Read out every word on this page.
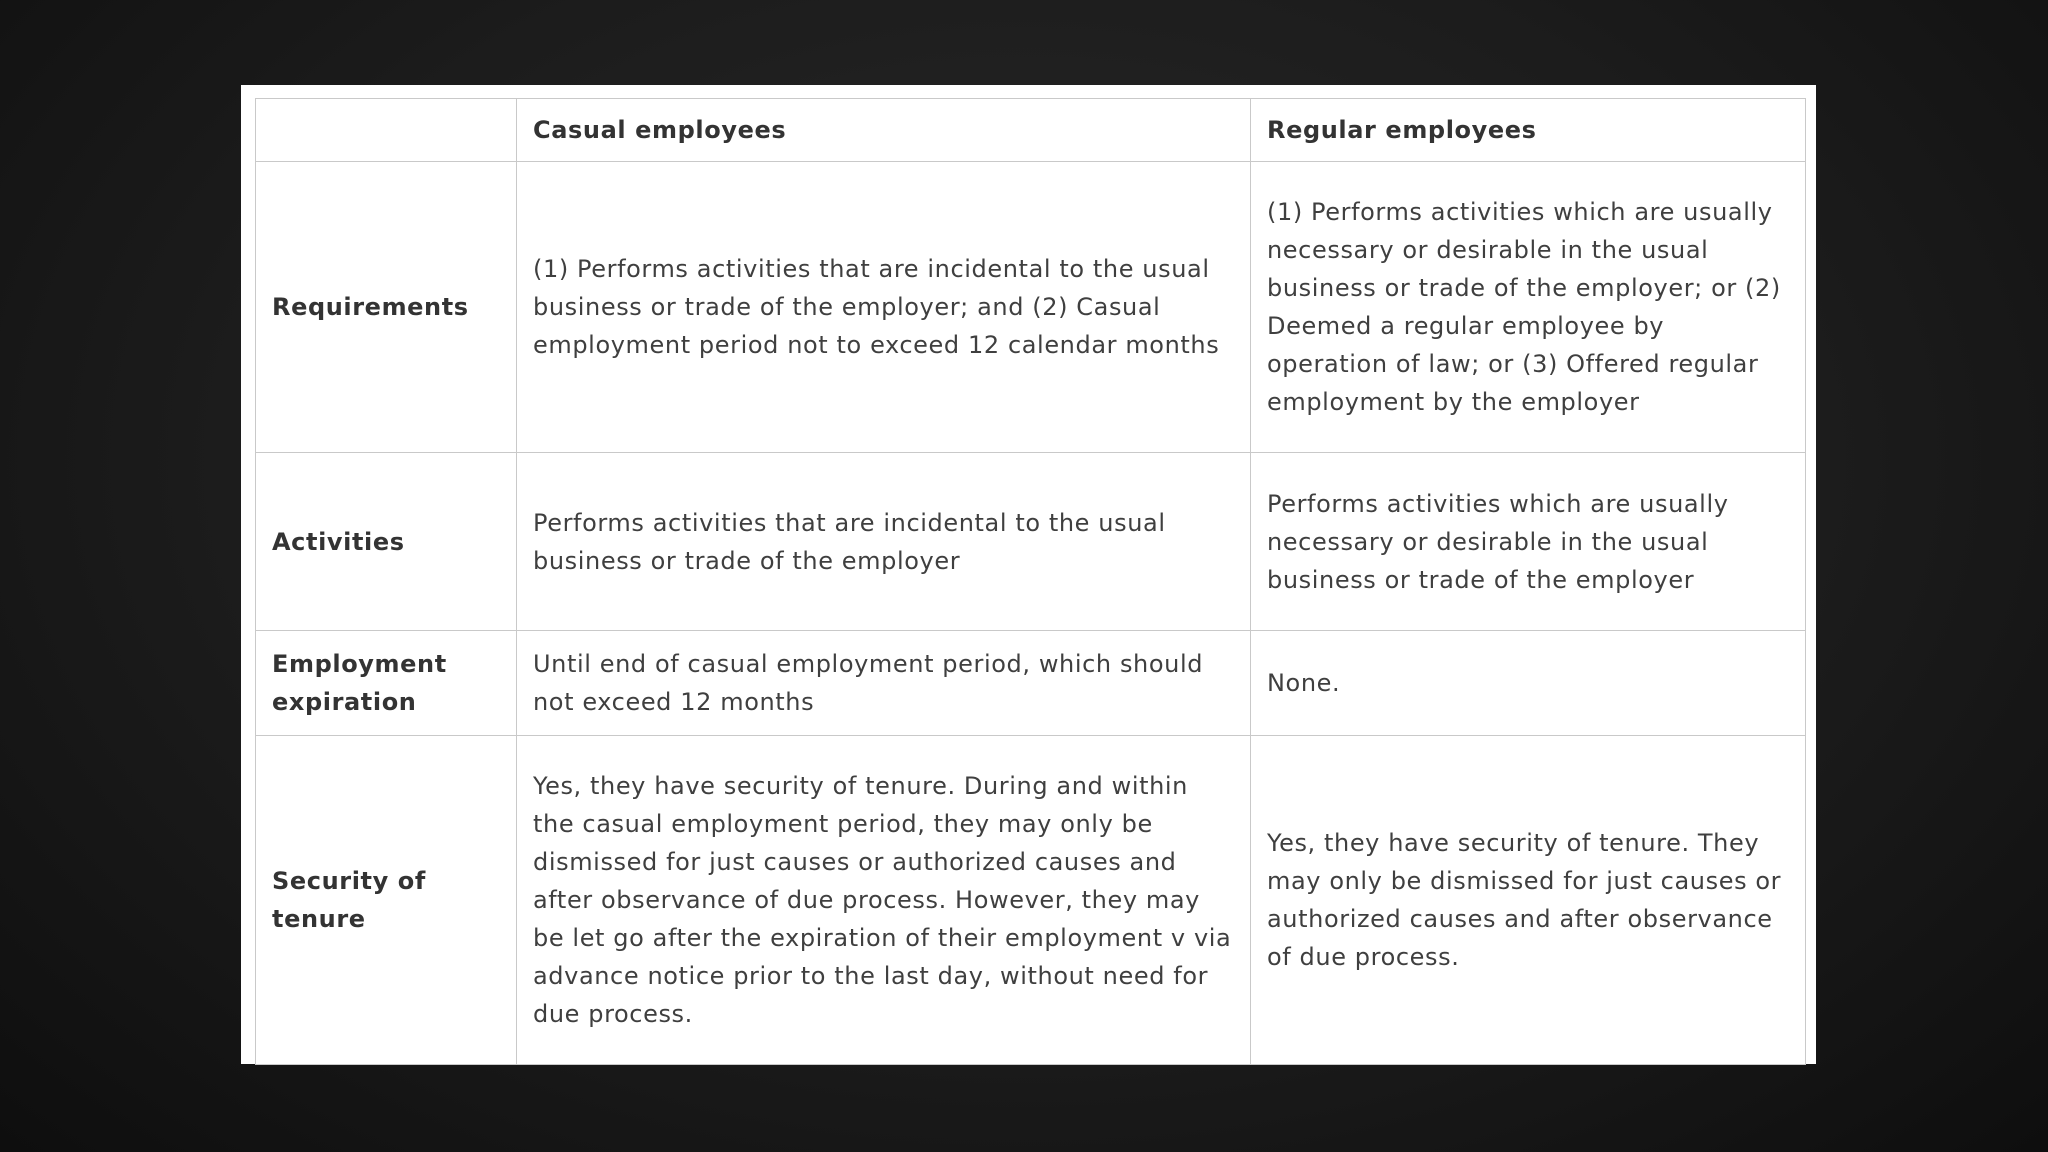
	Casual employees	Regular employees
Requirements	(1) Performs activities that are incidental to the usual business or trade of the employer; and (2) Casual employment period not to exceed 12 calendar months	(1) Performs activities which are usually necessary or desirable in the usual business or trade of the employer; or (2) Deemed a regular employee by operation of law; or (3) Offered regular employment by the employer
Activities	Performs activities that are incidental to the usual business or trade of the employer	Performs activities which are usually necessary or desirable in the usual business or trade of the employer
Employment expiration	Until end of casual employment period, which should not exceed 12 months	None.
Security of tenure	Yes, they have security of tenure. During and within the casual employment period, they may only be dismissed for just causes or authorized causes and after observance of due process. However, they may be let go after the expiration of their employment v via advance notice prior to the last day, without need for due process.	Yes, they have security of tenure. They may only be dismissed for just causes or authorized causes and after observance of due process.
